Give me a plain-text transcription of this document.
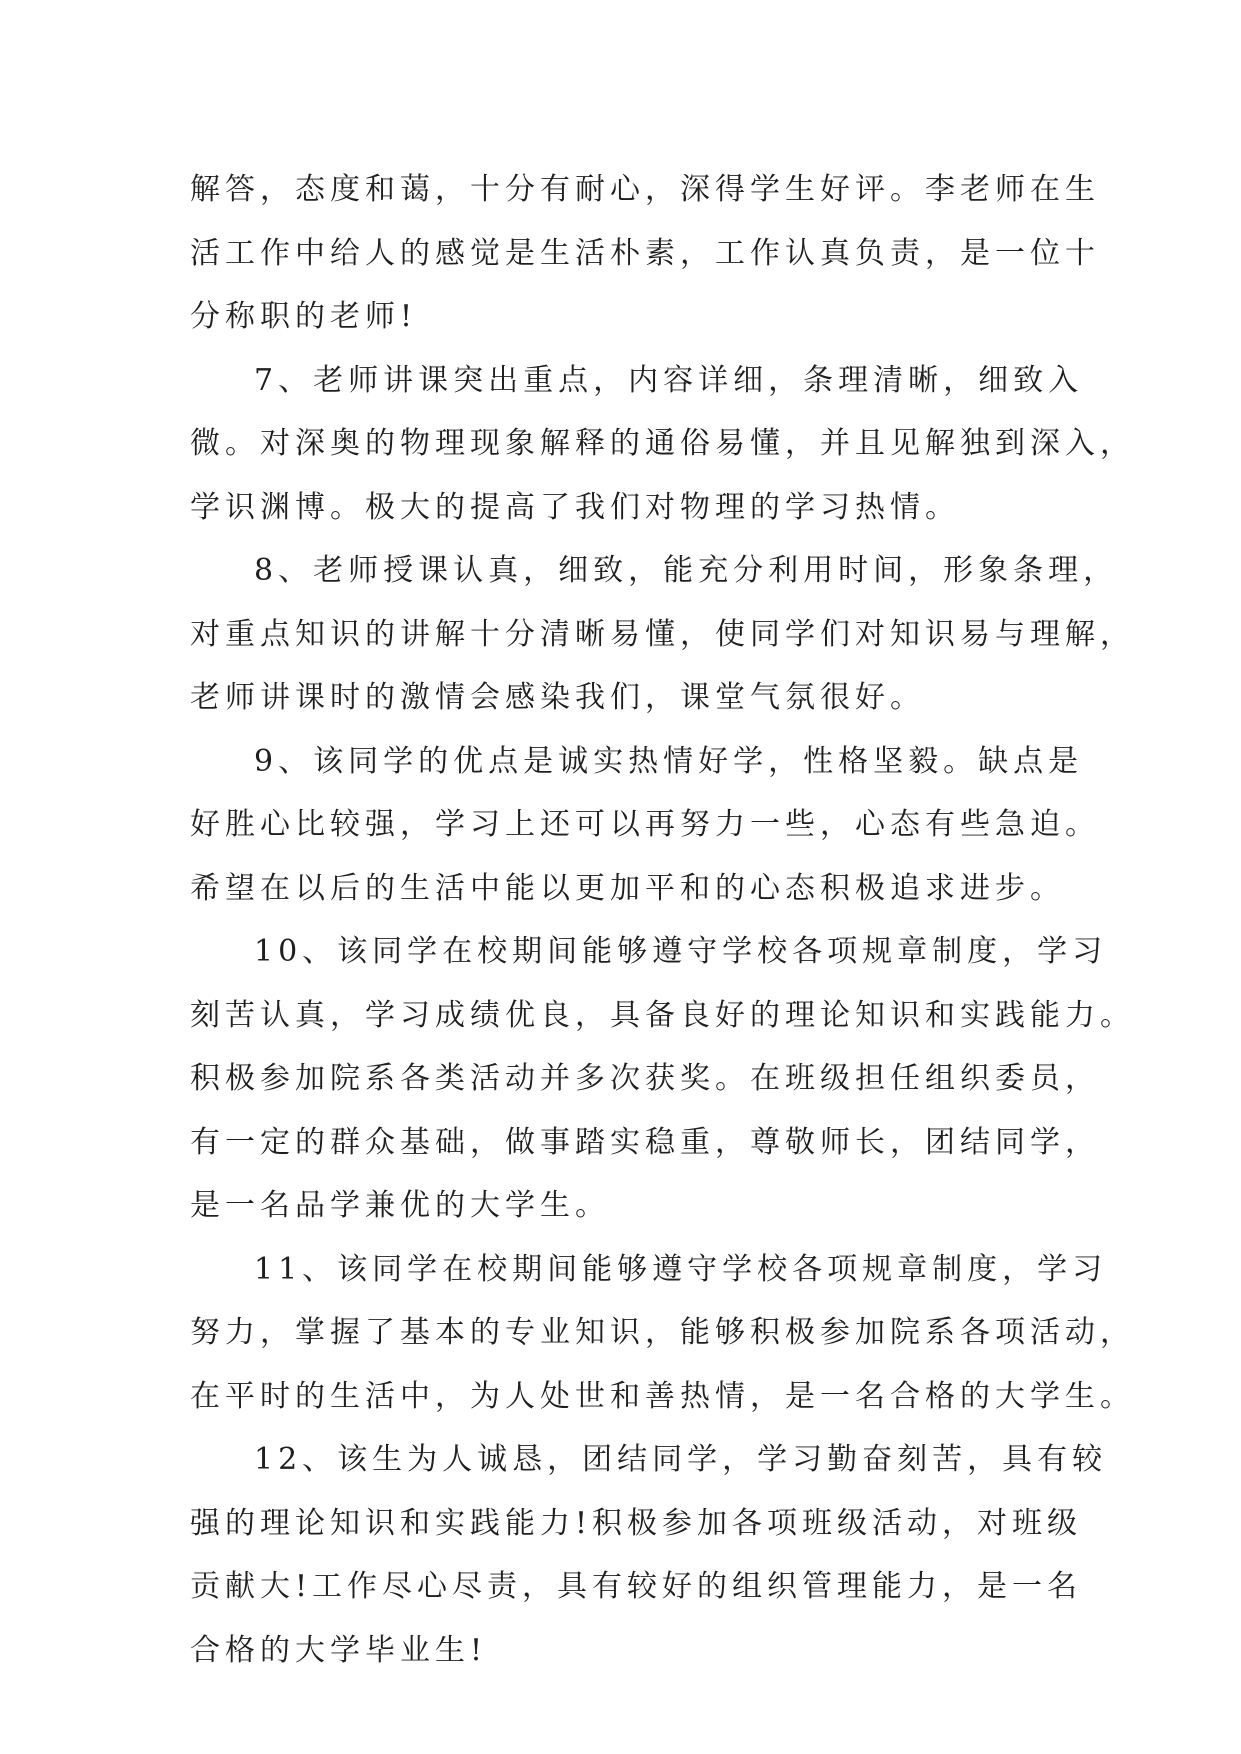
解答，态度和蔼，十分有耐心，深得学生好评。李老师在生
活工作中给人的感觉是生活朴素，工作认真负责，是一位十
分称职的老师!

7、老师讲课突出重点，内容详细，条理清晰，细致入
微。对深奥的物理现象解释的通俗易懂，并且见解独到深入，
学识渊博。极大的提高了我们对物理的学习热情。

8、老师授课认真，细致，能充分利用时间，形象条理，
对重点知识的讲解十分清晰易懂，使同学们对知识易与理解，
老师讲课时的激情会感染我们，课堂气氛很好。

9、该同学的优点是诚实热情好学，性格坚毅。缺点是
好胜心比较强，学习上还可以再努力一些，心态有些急迫。
希望在以后的生活中能以更加平和的心态积极追求进步。

10、该同学在校期间能够遵守学校各项规章制度，学习
刻苦认真，学习成绩优良，具备良好的理论知识和实践能力。
积极参加院系各类活动并多次获奖。在班级担任组织委员，
有一定的群众基础，做事踏实稳重，尊敬师长，团结同学，
是一名品学兼优的大学生。

11、该同学在校期间能够遵守学校各项规章制度，学习
努力，掌握了基本的专业知识，能够积极参加院系各项活动，
在平时的生活中，为人处世和善热情，是一名合格的大学生。

12、该生为人诚恳，团结同学，学习勤奋刻苦，具有较
强的理论知识和实践能力!积极参加各项班级活动，对班级
贡献大!工作尽心尽责，具有较好的组织管理能力，是一名
合格的大学毕业生!
